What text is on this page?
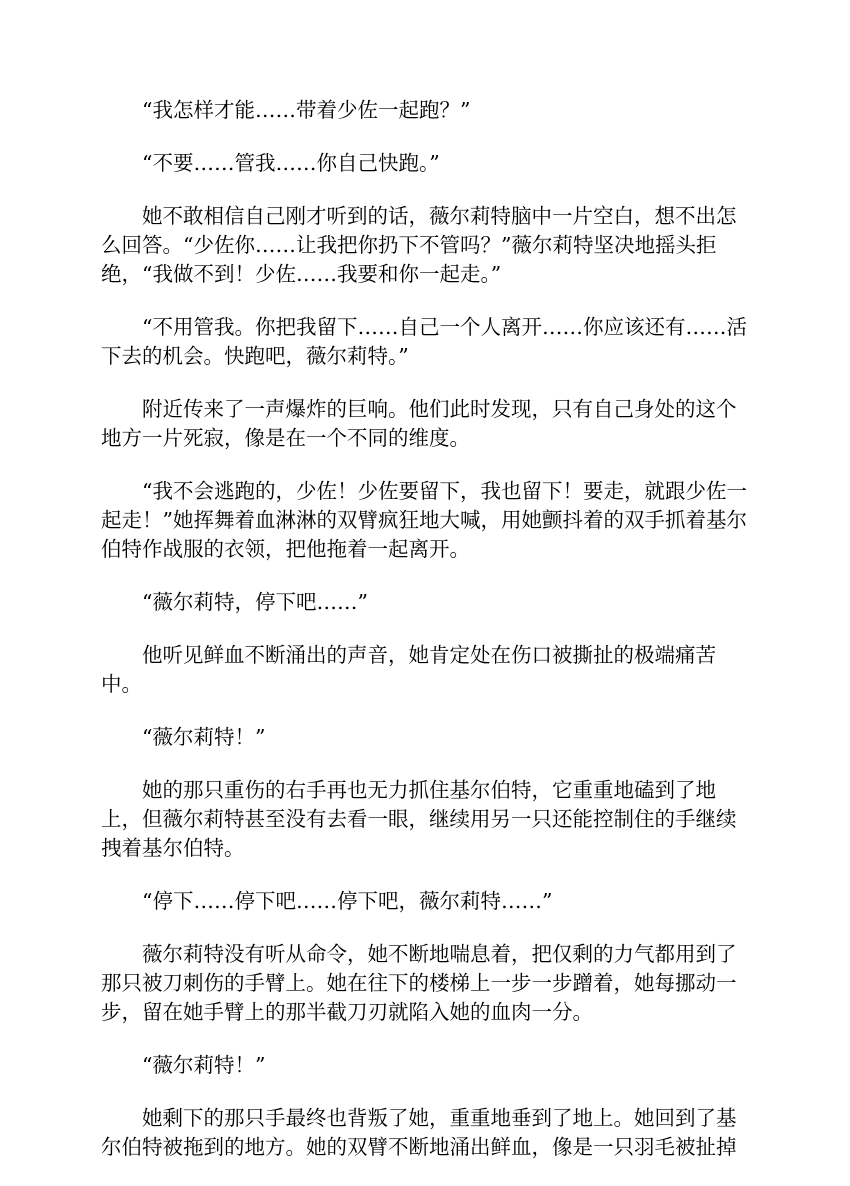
“我怎样才能……带着少佐一起跑？”

“不要……管我……你自己快跑。”

她不敢相信自己刚才听到的话，薇尔莉特脑中一片空白，想不出怎么回答。“少佐你……让我把你扔下不管吗？”薇尔莉特坚决地摇头拒绝，“我做不到！少佐……我要和你一起走。”

“不用管我。你把我留下……自己一个人离开……你应该还有……活下去的机会。快跑吧，薇尔莉特。”

附近传来了一声爆炸的巨响。他们此时发现，只有自己身处的这个地方一片死寂，像是在一个不同的维度。

“我不会逃跑的，少佐！少佐要留下，我也留下！要走，就跟少佐一起走！”她挥舞着血淋淋的双臂疯狂地大喊，用她颤抖着的双手抓着基尔伯特作战服的衣领，把他拖着一起离开。

“薇尔莉特，停下吧……”

他听见鲜血不断涌出的声音，她肯定处在伤口被撕扯的极端痛苦中。

“薇尔莉特！”

她的那只重伤的右手再也无力抓住基尔伯特，它重重地磕到了地上，但薇尔莉特甚至没有去看一眼，继续用另一只还能控制住的手继续拽着基尔伯特。

“停下……停下吧……停下吧，薇尔莉特……”

薇尔莉特没有听从命令，她不断地喘息着，把仅剩的力气都用到了那只被刀刺伤的手臂上。她在往下的楼梯上一步一步蹭着，她每挪动一步，留在她手臂上的那半截刀刃就陷入她的血肉一分。

“薇尔莉特！”

她剩下的那只手最终也背叛了她，重重地垂到了地上。她回到了基尔伯特被拖到的地方。她的双臂不断地涌出鲜血，像是一只羽毛被扯掉
